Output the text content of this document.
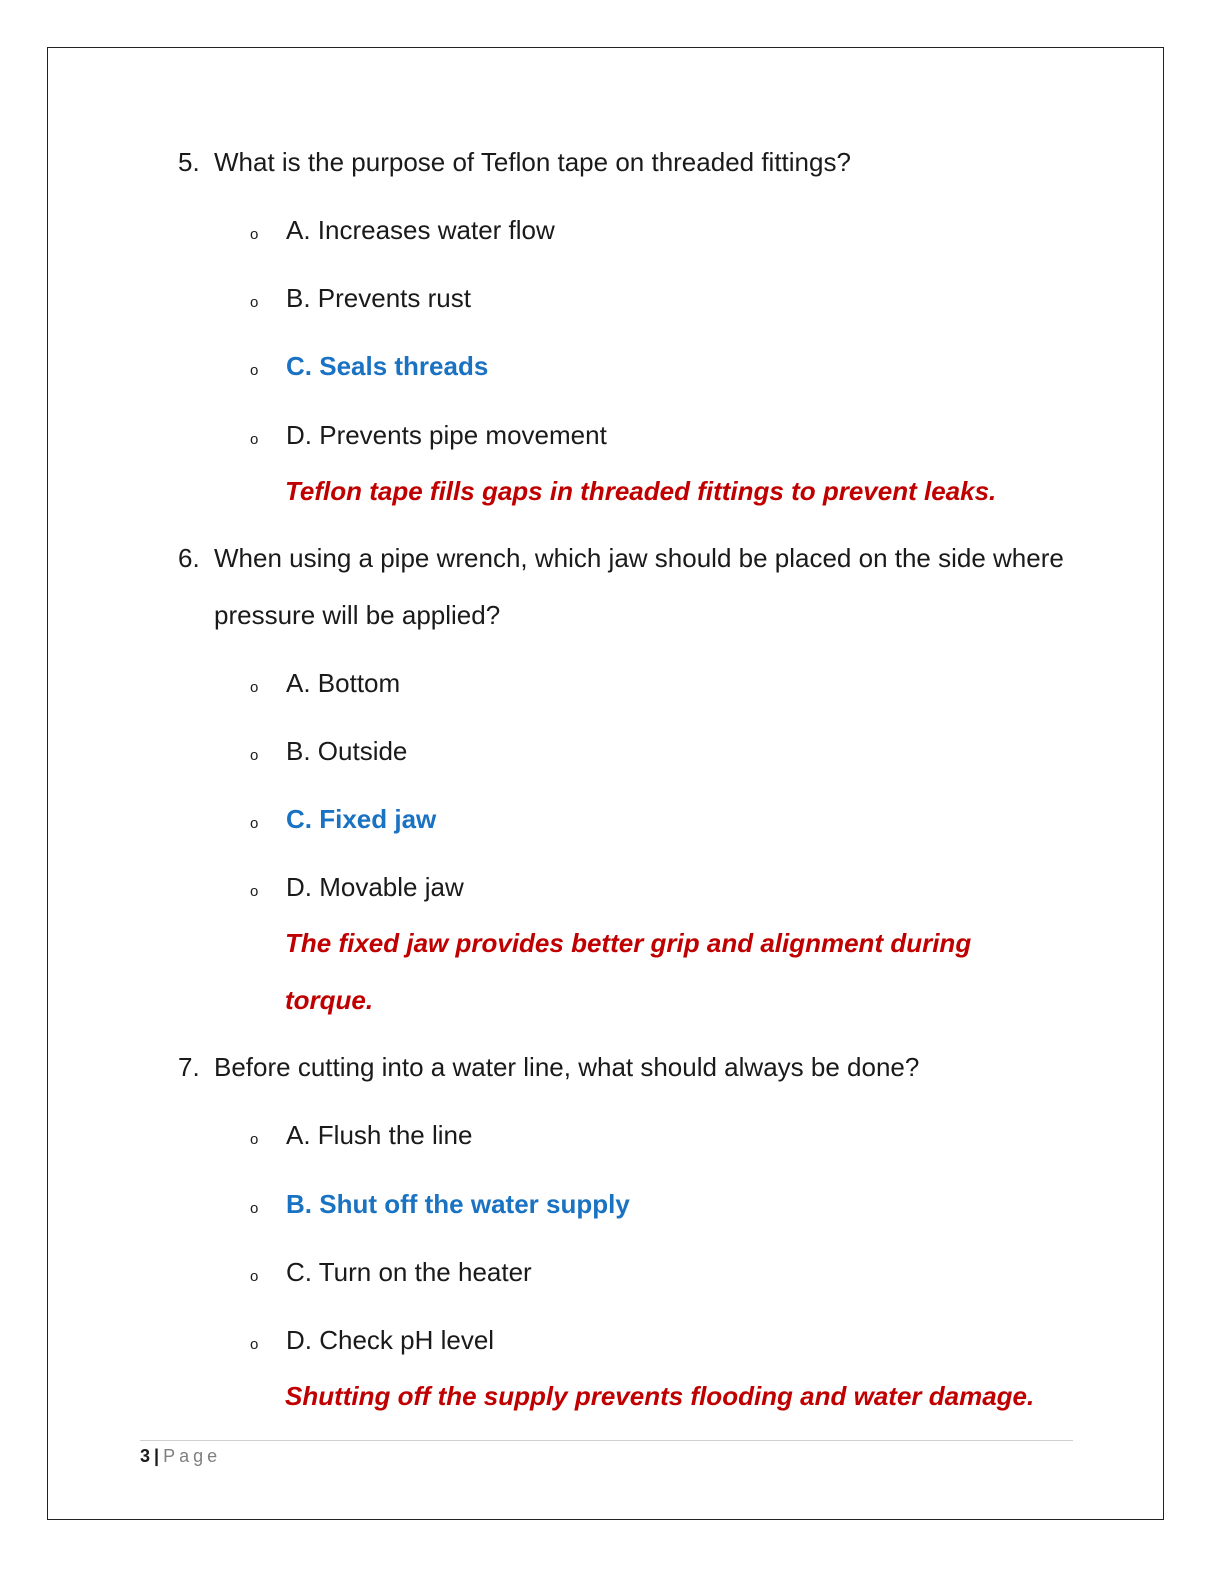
5. What is the purpose of Teflon tape on threaded fittings?
o A. Increases water flow
o B. Prevents rust
o C. Seals threads
o D. Prevents pipe movement
Teflon tape fills gaps in threaded fittings to prevent leaks.
6. When using a pipe wrench, which jaw should be placed on the side where pressure will be applied?
o A. Bottom
o B. Outside
o C. Fixed jaw
o D. Movable jaw
The fixed jaw provides better grip and alignment during torque.
7. Before cutting into a water line, what should always be done?
o A. Flush the line
o B. Shut off the water supply
o C. Turn on the heater
o D. Check pH level
Shutting off the supply prevents flooding and water damage.
3 | Page
